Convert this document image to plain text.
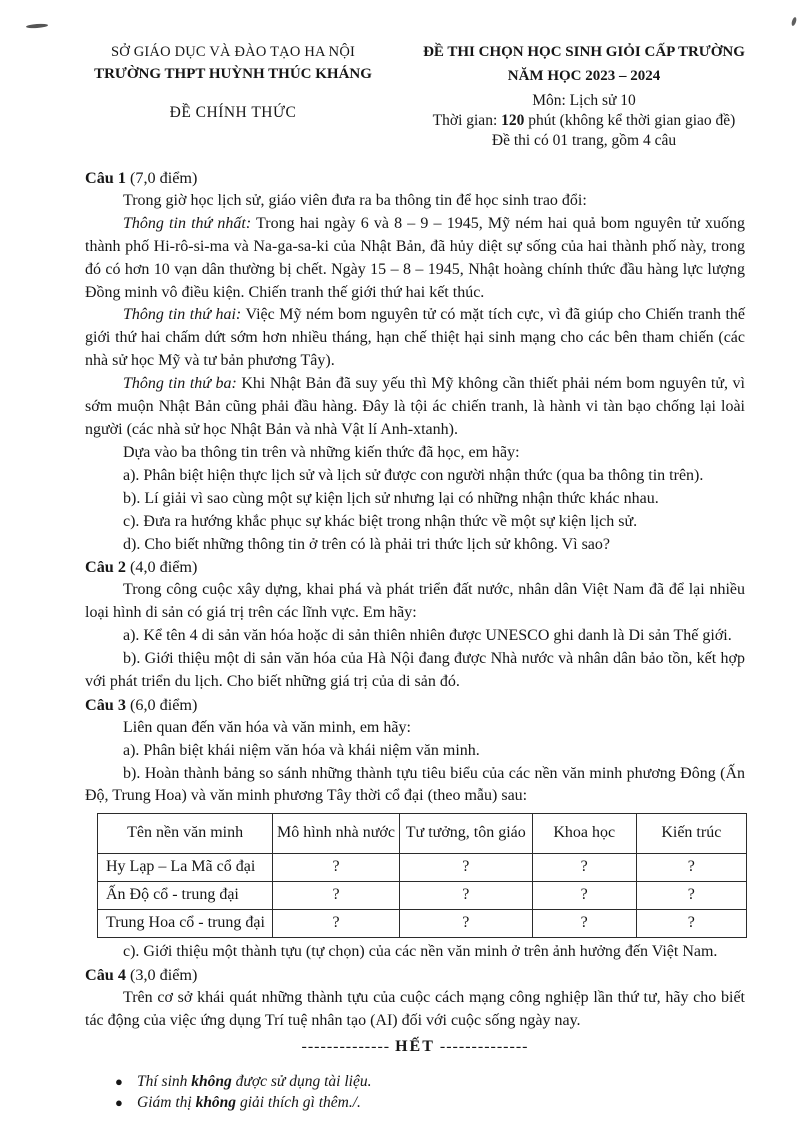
SỞ GIÁO DỤC VÀ ĐÀO TẠO HA NỘI
TRƯỜNG THPT HUỲNH THÚC KHÁNG
ĐỀ CHÍNH THỨC
ĐỀ THI CHỌN HỌC SINH GIỎI CẤP TRƯỜNG
NĂM HỌC 2023 – 2024
Môn: Lịch sử 10
Thời gian: 120 phút (không kể thời gian giao đề)
Đề thi có 01 trang, gồm 4 câu
Câu 1 (7,0 điểm)

Trong giờ học lịch sử, giáo viên đưa ra ba thông tin để học sinh trao đổi:

Thông tin thứ nhất: Trong hai ngày 6 và 8 – 9 – 1945, Mỹ ném hai quả bom nguyên tử xuống thành phố Hi-rô-si-ma và Na-ga-sa-ki của Nhật Bản, đã hủy diệt sự sống của hai thành phố này, trong đó có hơn 10 vạn dân thường bị chết. Ngày 15 – 8 – 1945, Nhật hoàng chính thức đầu hàng lực lượng Đồng minh vô điều kiện. Chiến tranh thế giới thứ hai kết thúc.

Thông tin thứ hai: Việc Mỹ ném bom nguyên tử có mặt tích cực, vì đã giúp cho Chiến tranh thế giới thứ hai chấm dứt sớm hơn nhiều tháng, hạn chế thiệt hại sinh mạng cho các bên tham chiến (các nhà sử học Mỹ và tư bản phương Tây).

Thông tin thứ ba: Khi Nhật Bản đã suy yếu thì Mỹ không cần thiết phải ném bom nguyên tử, vì sớm muộn Nhật Bản cũng phải đầu hàng. Đây là tội ác chiến tranh, là hành vi tàn bạo chống lại loài người (các nhà sử học Nhật Bản và nhà Vật lí Anh-xtanh).

Dựa vào ba thông tin trên và những kiến thức đã học, em hãy:

a). Phân biệt hiện thực lịch sử và lịch sử được con người nhận thức (qua ba thông tin trên).

b). Lí giải vì sao cùng một sự kiện lịch sử nhưng lại có những nhận thức khác nhau.

c). Đưa ra hướng khắc phục sự khác biệt trong nhận thức về một sự kiện lịch sử.

d). Cho biết những thông tin ở trên có là phải tri thức lịch sử không. Vì sao?

Câu 2 (4,0 điểm)

Trong công cuộc xây dựng, khai phá và phát triển đất nước, nhân dân Việt Nam đã để lại nhiều loại hình di sản có giá trị trên các lĩnh vực. Em hãy:

a). Kể tên 4 di sản văn hóa hoặc di sản thiên nhiên được UNESCO ghi danh là Di sản Thế giới.

b). Giới thiệu một di sản văn hóa của Hà Nội đang được Nhà nước và nhân dân bảo tồn, kết hợp với phát triển du lịch. Cho biết những giá trị của di sản đó.

Câu 3 (6,0 điểm)

Liên quan đến văn hóa và văn minh, em hãy:

a). Phân biệt khái niệm văn hóa và khái niệm văn minh.

b). Hoàn thành bảng so sánh những thành tựu tiêu biểu của các nền văn minh phương Đông (Ấn Độ, Trung Hoa) và văn minh phương Tây thời cổ đại (theo mẫu) sau:

Tên nền văn minh	Mô hình nhà nước	Tư tưởng, tôn giáo	Khoa học	Kiến trúc
Hy Lạp – La Mã cổ đại	?	?	?	?
Ấn Độ cổ - trung đại	?	?	?	?
Trung Hoa cổ - trung đại	?	?	?	?

c). Giới thiệu một thành tựu (tự chọn) của các nền văn minh ở trên ảnh hưởng đến Việt Nam.

Câu 4 (3,0 điểm)

Trên cơ sở khái quát những thành tựu của cuộc cách mạng công nghiệp lần thứ tư, hãy cho biết tác động của việc ứng dụng Trí tuệ nhân tạo (AI) đối với cuộc sống ngày nay.

-------------- HẾT --------------
● Thí sinh không được sử dụng tài liệu.
● Giám thị không giải thích gì thêm./.
